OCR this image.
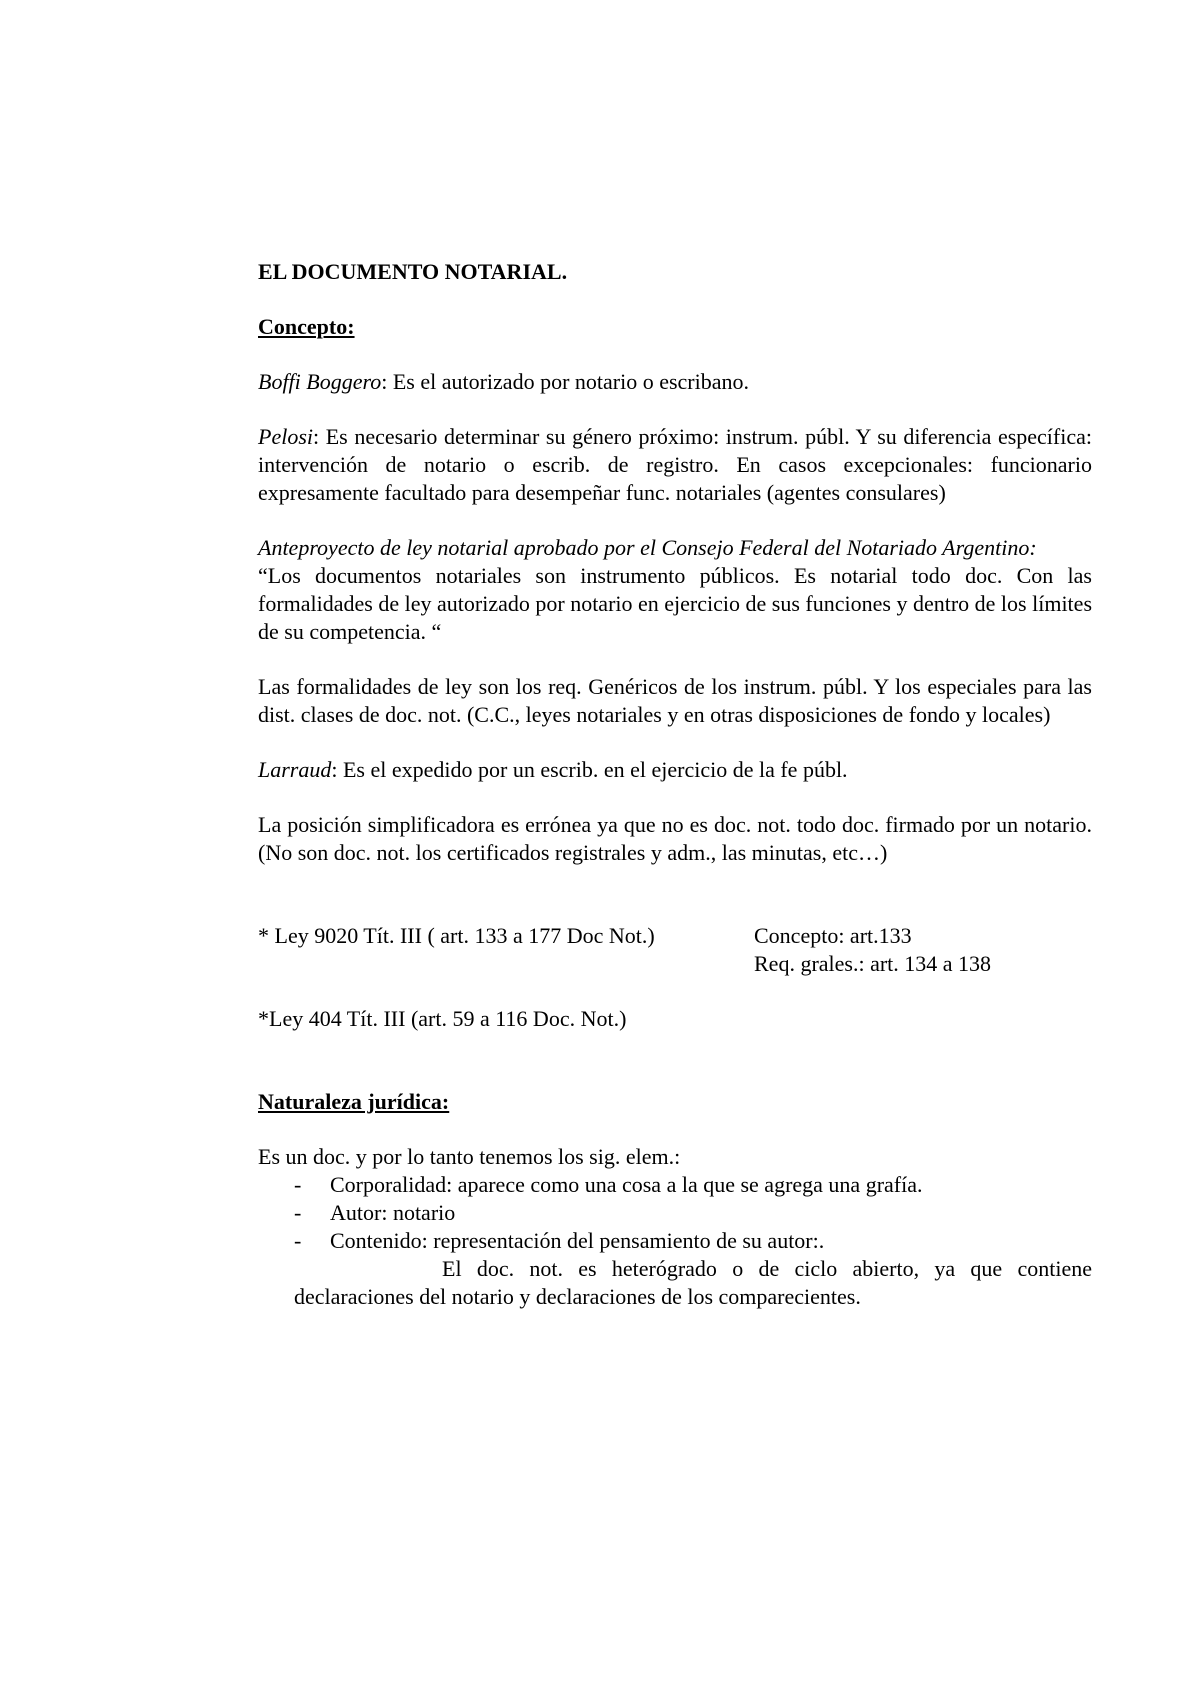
EL DOCUMENTO NOTARIAL.

Concepto:

Boffi Boggero: Es el autorizado por notario o escribano.

Pelosi: Es necesario determinar su género próximo: instrum. públ. Y su diferencia específica: intervención de notario o escrib. de registro. En casos excepcionales: funcionario expresamente facultado para desempeñar func. notariales (agentes consulares)

Anteproyecto de ley notarial aprobado por el Consejo Federal del Notariado Argentino:

“Los documentos notariales son instrumento públicos. Es notarial todo doc. Con las formalidades de ley autorizado por notario en ejercicio de sus funciones y dentro de los límites de su competencia. “

Las formalidades de ley son los req. Genéricos de los instrum. públ. Y los especiales para las dist. clases de doc. not. (C.C., leyes notariales y en otras disposiciones de fondo y locales)

Larraud: Es el expedido por un escrib. en el ejercicio de la fe públ.

La posición simplificadora es errónea ya que no es doc. not. todo doc. firmado por un notario. (No son doc. not. los certificados registrales y adm., las minutas, etc…)

* Ley 9020 Tít. III ( art. 133 a 177 Doc Not.)	Concepto: art.133
Req. grales.: art. 134 a 138

*Ley 404 Tít. III (art. 59 a 116 Doc. Not.)

Naturaleza jurídica:

Es un doc. y por lo tanto tenemos los sig. elem.:

- Corporalidad: aparece como una cosa a la que se agrega una grafía.
- Autor: notario
- Contenido: representación del pensamiento de su autor:.

El doc. not. es heterógrado o de ciclo abierto, ya que contiene declaraciones del notario y declaraciones de los comparecientes.
